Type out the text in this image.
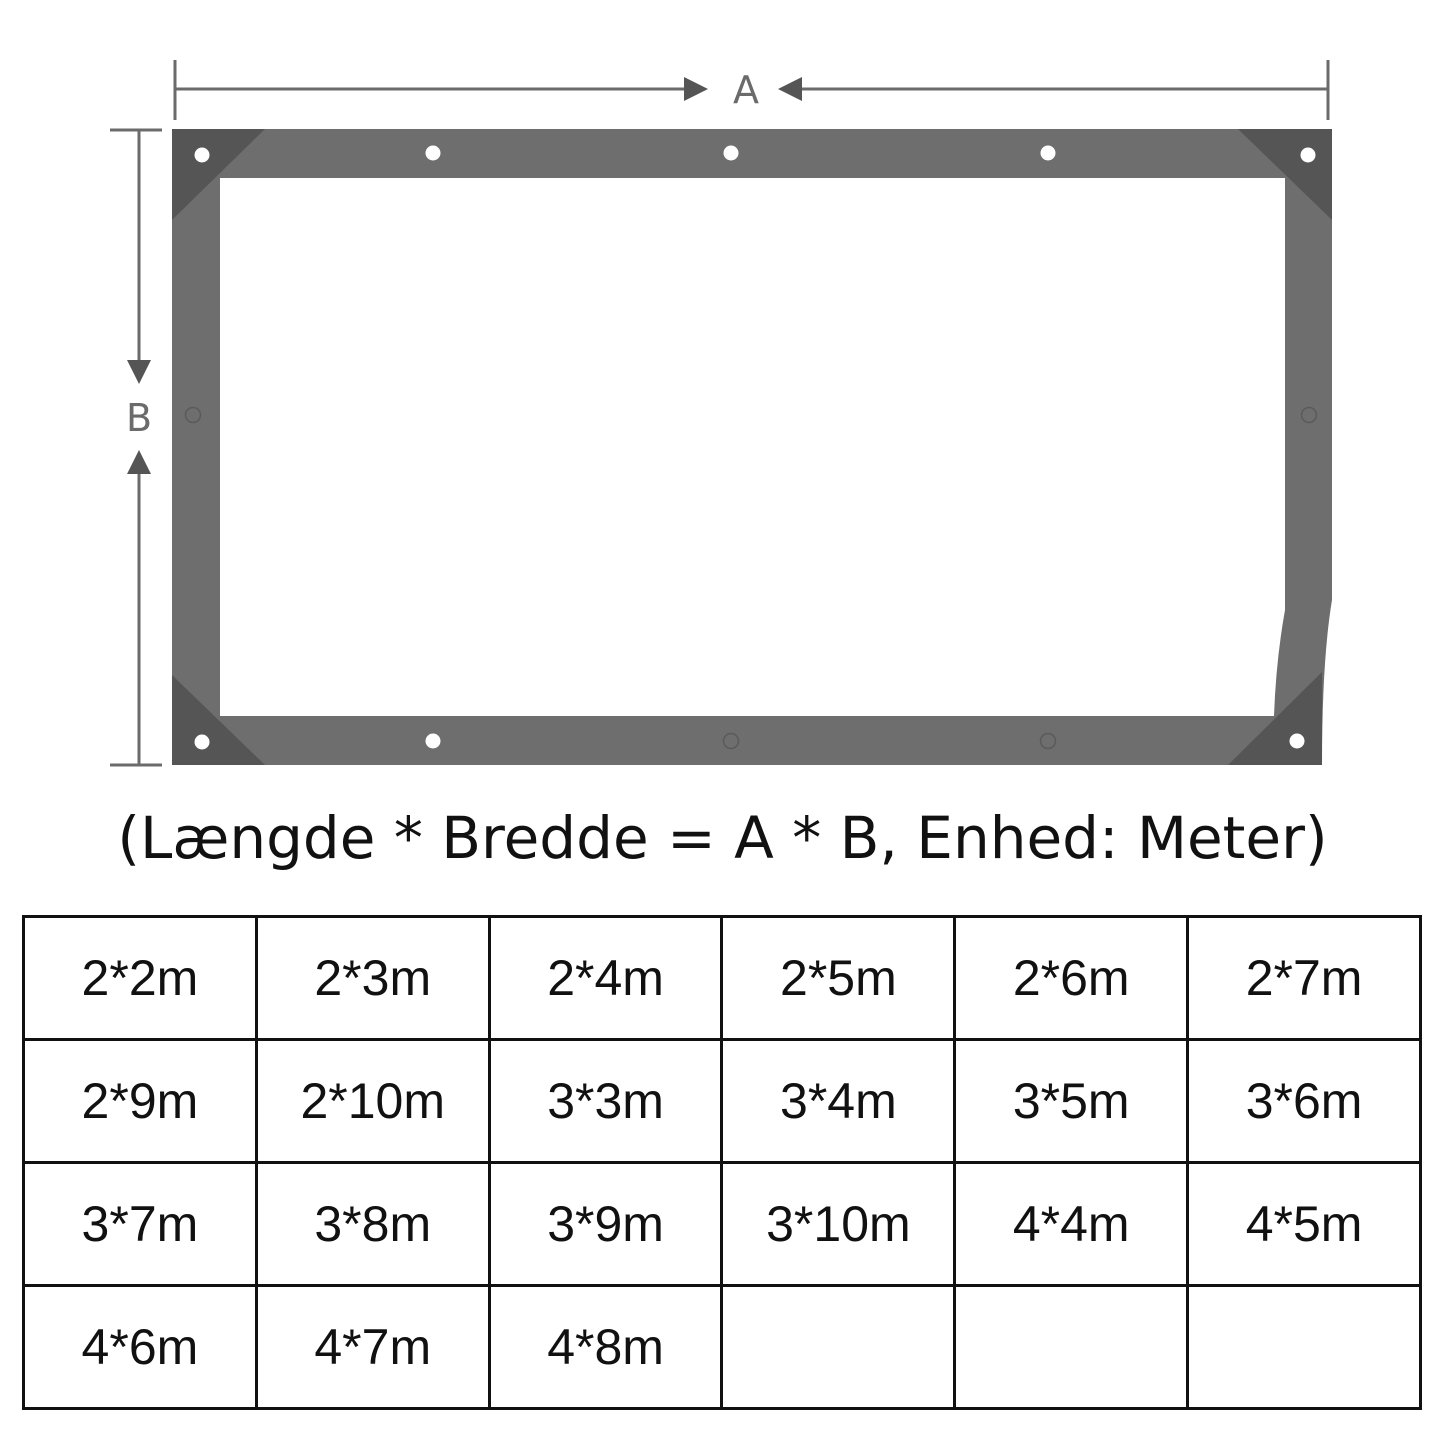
A
B
(Længde * Bredde = A * B, Enhed: Meter)
2*2m	2*3m	2*4m	2*5m	2*6m	2*7m
2*9m	2*10m	3*3m	3*4m	3*5m	3*6m
3*7m	3*8m	3*9m	3*10m	4*4m	4*5m
4*6m	4*7m	4*8m			
